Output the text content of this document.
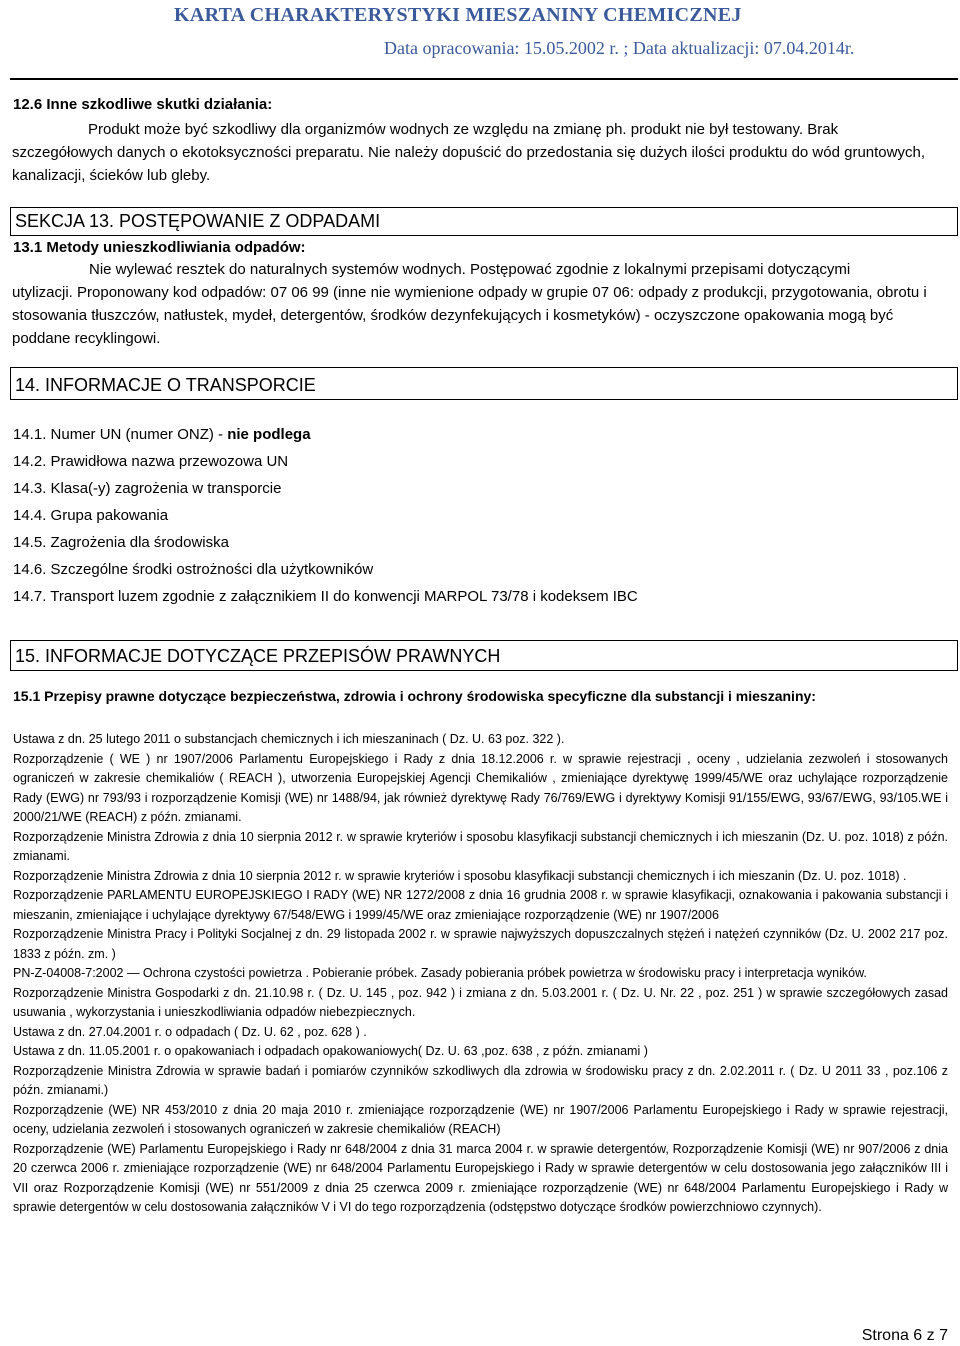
KARTA CHARAKTERYSTYKI MIESZANINY CHEMICZNEJ
Data opracowania: 15.05.2002 r. ; Data aktualizacji: 07.04.2014r.
12.6 Inne szkodliwe skutki działania:
Produkt może być szkodliwy dla organizmów wodnych ze względu na zmianę ph. produkt nie był testowany. Brak
szczegółowych danych o ekotoksyczności preparatu. Nie należy dopuścić do przedostania się dużych ilości produktu do wód gruntowych, kanalizacji, ścieków lub gleby.
SEKCJA 13. POSTĘPOWANIE Z ODPADAMI
13.1 Metody unieszkodliwiania odpadów:
Nie wylewać resztek do naturalnych systemów wodnych. Postępować zgodnie z lokalnymi przepisami dotyczącymi
utylizacji. Proponowany kod odpadów: 07 06 99 (inne nie wymienione odpady w grupie 07 06: odpady z produkcji, przygotowania, obrotu i stosowania tłuszczów, natłustek, mydeł, detergentów, środków dezynfekujących i kosmetyków) - oczyszczone opakowania mogą być poddane recyklingowi.
14. INFORMACJE O TRANSPORCIE
14.1. Numer UN (numer ONZ) - nie podlega
14.2. Prawidłowa nazwa przewozowa UN
14.3. Klasa(-y) zagrożenia w transporcie
14.4. Grupa pakowania
14.5. Zagrożenia dla środowiska
14.6. Szczególne środki ostrożności dla użytkowników
14.7. Transport luzem zgodnie z załącznikiem II do konwencji MARPOL 73/78 i kodeksem IBC
15. INFORMACJE DOTYCZĄCE PRZEPISÓW PRAWNYCH
15.1 Przepisy prawne dotyczące bezpieczeństwa, zdrowia i ochrony środowiska specyficzne dla substancji i mieszaniny:

Ustawa z dn. 25 lutego 2011 o substancjach chemicznych i ich mieszaninach ( Dz. U. 63 poz. 322 ).

Rozporządzenie ( WE ) nr 1907/2006 Parlamentu Europejskiego i Rady z dnia 18.12.2006 r. w sprawie rejestracji , oceny , udzielania zezwoleń i stosowanych ograniczeń w zakresie chemikaliów ( REACH ), utworzenia Europejskiej Agencji Chemikaliów , zmieniające dyrektywę 1999/45/WE oraz uchylające rozporządzenie Rady (EWG) nr 793/93 i rozporządzenie Komisji (WE) nr 1488/94, jak również dyrektywę Rady 76/769/EWG i dyrektywy Komisji 91/155/EWG, 93/67/EWG, 93/105.WE i 2000/21/WE (REACH) z późn. zmianami.

Rozporządzenie Ministra Zdrowia z dnia 10 sierpnia 2012 r. w sprawie kryteriów i sposobu klasyfikacji substancji chemicznych i ich mieszanin (Dz. U. poz. 1018) z późn. zmianami.

Rozporządzenie Ministra Zdrowia z dnia 10 sierpnia 2012 r. w sprawie kryteriów i sposobu klasyfikacji substancji chemicznych i ich mieszanin (Dz. U. poz. 1018) .

Rozporządzenie PARLAMENTU EUROPEJSKIEGO I RADY (WE) NR 1272/2008 z dnia 16 grudnia 2008 r. w sprawie klasyfikacji, oznakowania i pakowania substancji i mieszanin, zmieniające i uchylające dyrektywy 67/548/EWG i 1999/45/WE oraz zmieniające rozporządzenie (WE) nr 1907/2006

Rozporządzenie Ministra Pracy i Polityki Socjalnej z dn. 29 listopada 2002 r. w sprawie najwyższych dopuszczalnych stężeń i natężeń czynników (Dz. U. 2002 217 poz. 1833 z późn. zm. )

PN-Z-04008-7:2002 — Ochrona czystości powietrza . Pobieranie próbek. Zasady pobierania próbek powietrza w środowisku pracy i interpretacja wyników.

Rozporządzenie Ministra Gospodarki z dn. 21.10.98 r. ( Dz. U. 145 , poz. 942 ) i zmiana z dn. 5.03.2001 r. ( Dz. U. Nr. 22 , poz. 251 ) w sprawie szczegółowych zasad usuwania , wykorzystania i unieszkodliwiania odpadów niebezpiecznych.

Ustawa z dn. 27.04.2001 r. o odpadach ( Dz. U. 62 , poz. 628 ) .

Ustawa z dn. 11.05.2001 r. o opakowaniach i odpadach opakowaniowych( Dz. U. 63 ,poz. 638 , z późn. zmianami )

Rozporządzenie Ministra Zdrowia w sprawie badań i pomiarów czynników szkodliwych dla zdrowia w środowisku pracy z dn. 2.02.2011 r. ( Dz. U 2011 33 , poz.106 z późn. zmianami.)

Rozporządzenie (WE) NR 453/2010 z dnia 20 maja 2010 r. zmieniające rozporządzenie (WE) nr 1907/2006 Parlamentu Europejskiego i Rady w sprawie rejestracji, oceny, udzielania zezwoleń i stosowanych ograniczeń w zakresie chemikaliów (REACH)

Rozporządzenie (WE) Parlamentu Europejskiego i Rady nr 648/2004 z dnia 31 marca 2004 r. w sprawie detergentów, Rozporządzenie Komisji (WE) nr 907/2006 z dnia 20 czerwca 2006 r. zmieniające rozporządzenie (WE) nr 648/2004 Parlamentu Europejskiego i Rady w sprawie detergentów w celu dostosowania jego załączników III i VII oraz Rozporządzenie Komisji (WE) nr 551/2009 z dnia 25 czerwca 2009 r. zmieniające rozporządzenie (WE) nr 648/2004 Parlamentu Europejskiego i Rady w sprawie detergentów w celu dostosowania załączników V i VI do tego rozporządzenia (odstępstwo dotyczące środków powierzchniowo czynnych).

Strona 6 z 7
